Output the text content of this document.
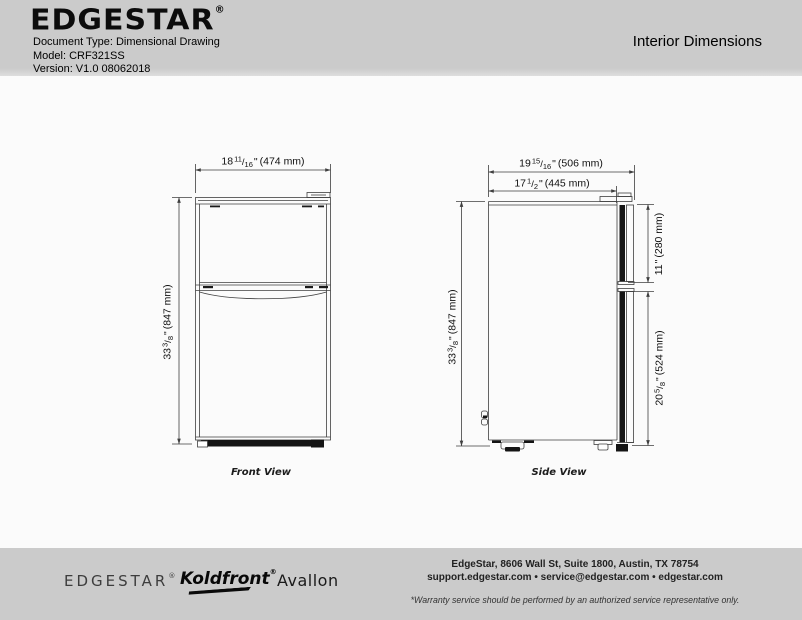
EDGESTAR®
Document Type: Dimensional Drawing
Model: CRF321SS
Version: V1.0 08062018
Interior Dimensions
$18^{11}/_{16}$" (474 mm)
$33^3/_8"(847$ mm)
$19^{15}/_{16}$" (506 mm)
$17^1/_2$" (445 mm)
$33^3/_8"(847$ mm)
11"(280 mm)
$20^5/_8"(524$ mm)
Front View	Side View
EDGESTAR® Koldfront® Avallon
EdgeStar, 8606 Wall St, Suite 1800, Austin, TX 78754
support.edgestar.com • service@edgestar.com • edgestar.com
*Warranty service should be performed by an authorized service representative only.
